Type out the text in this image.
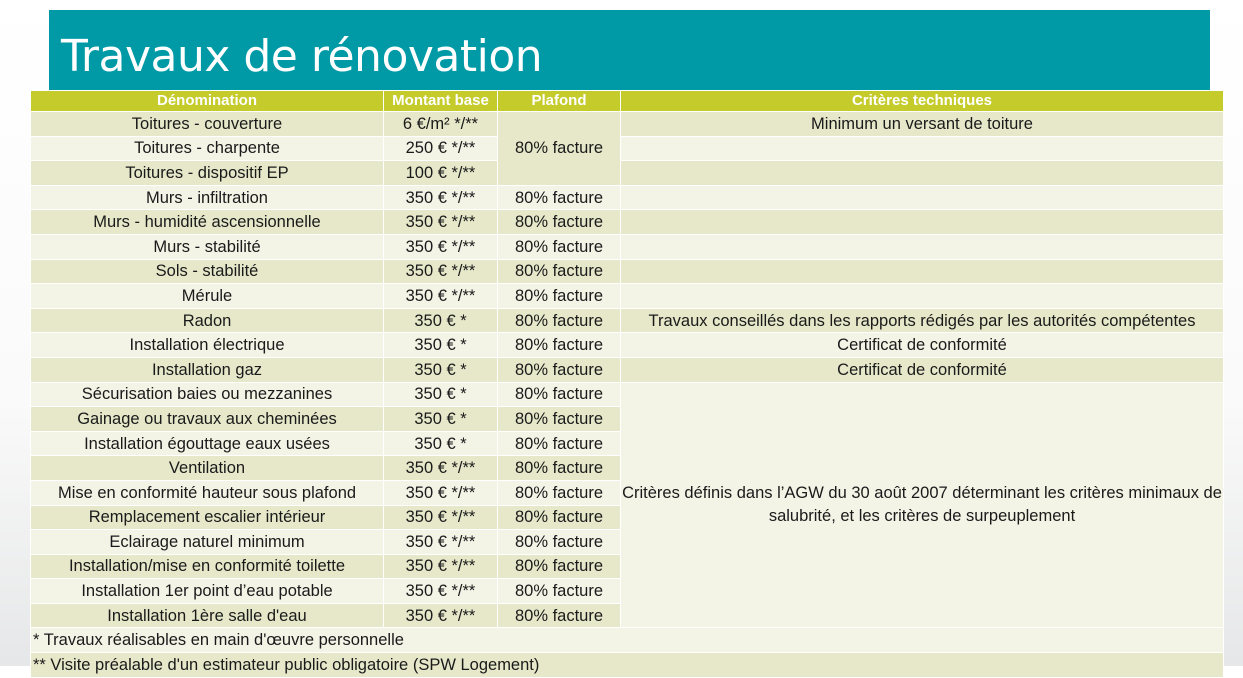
Travaux de rénovation
Dénomination	Montant base	Plafond	Critères techniques
Toitures - couverture	6 €/m² */**	80% facture	Minimum un versant de toiture
Toitures - charpente	250 € */**		
Toitures - dispositif EP	100 € */**		
Murs - infiltration	350 € */**	80% facture	
Murs - humidité ascensionnelle	350 € */**	80% facture	
Murs - stabilité	350 € */**	80% facture	
Sols - stabilité	350 € */**	80% facture	
Mérule	350 € */**	80% facture	
Radon	350 € *	80% facture	Travaux conseillés dans les rapports rédigés par les autorités compétentes
Installation électrique	350 € *	80% facture	Certificat de conformité
Installation gaz	350 € *	80% facture	Certificat de conformité
Sécurisation baies ou mezzanines	350 € *	80% facture	Critères définis dans l’AGW du 30 août 2007 déterminant les critères minimaux de salubrité, et les critères de surpeuplement
Gainage ou travaux aux cheminées	350 € *	80% facture	
Installation égouttage eaux usées	350 € *	80% facture	
Ventilation	350 € */**	80% facture	
Mise en conformité hauteur sous plafond	350 € */**	80% facture	
Remplacement escalier intérieur	350 € */**	80% facture	
Eclairage naturel minimum	350 € */**	80% facture	
Installation/mise en conformité toilette	350 € */**	80% facture	
Installation 1er point d’eau potable	350 € */**	80% facture	
Installation 1ère salle d'eau	350 € */**	80% facture	
* Travaux réalisables en main d'œuvre personnelle			
** Visite préalable d'un estimateur public obligatoire (SPW Logement)			
